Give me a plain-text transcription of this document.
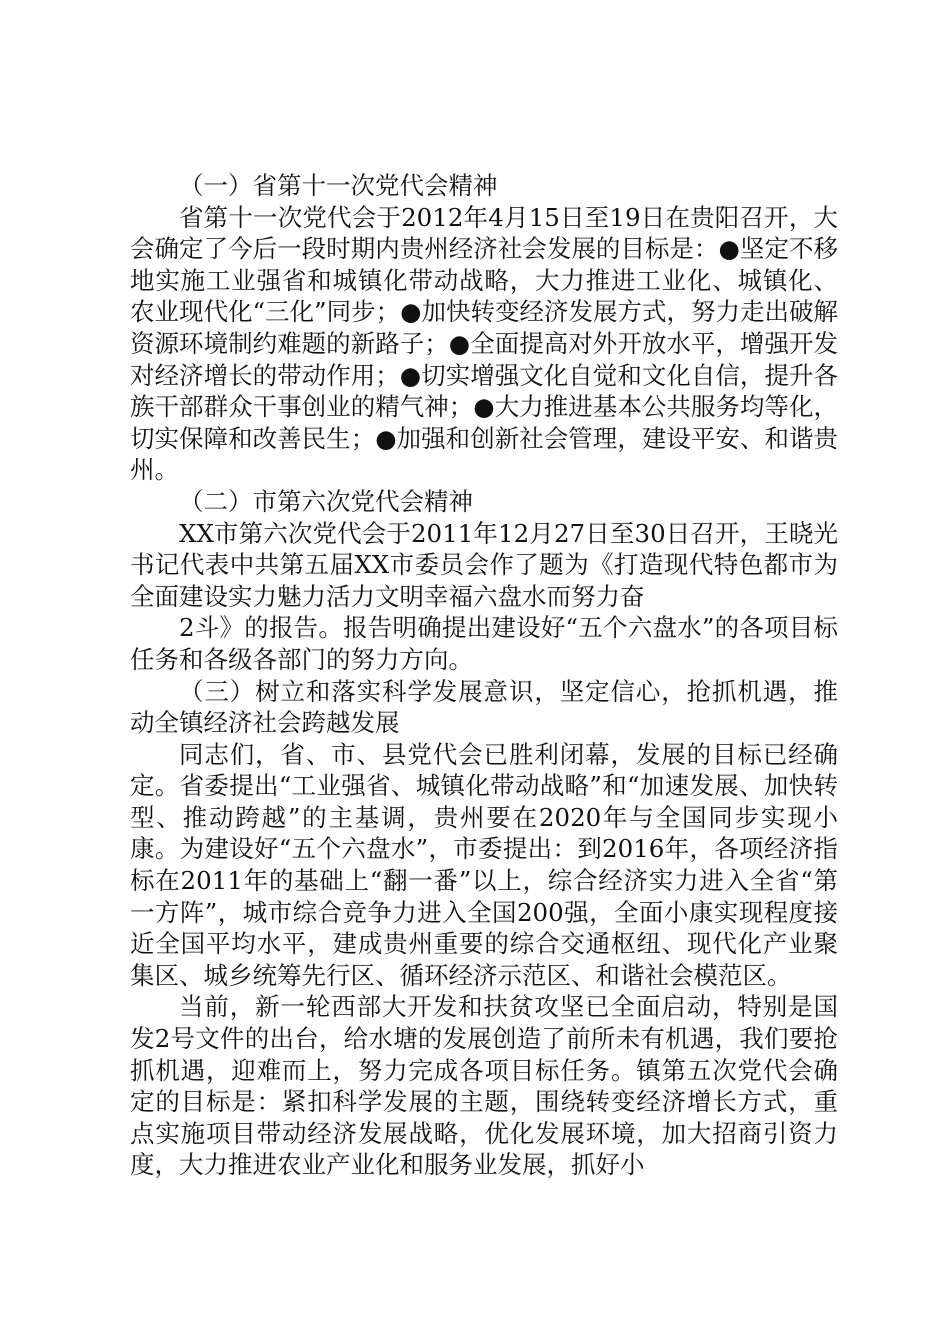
（一）省第十一次党代会精神

省第十一次党代会于2012年4月15日至19日在贵阳召开，大会确定了今后一段时期内贵州经济社会发展的目标是：●坚定不移地实施工业强省和城镇化带动战略，大力推进工业化、城镇化、农业现代化“三化”同步；●加快转变经济发展方式，努力走出破解资源环境制约难题的新路子；●全面提高对外开放水平，增强开发对经济增长的带动作用；●切实增强文化自觉和文化自信，提升各族干部群众干事创业的精气神；●大力推进基本公共服务均等化，切实保障和改善民生；●加强和创新社会管理，建设平安、和谐贵州。

（二）市第六次党代会精神

XX市第六次党代会于2011年12月27日至30日召开，王晓光书记代表中共第五届XX市委员会作了题为《打造现代特色都市为全面建设实力魅力活力文明幸福六盘水而努力奋

2斗》的报告。报告明确提出建设好“五个六盘水”的各项目标任务和各级各部门的努力方向。

（三）树立和落实科学发展意识，坚定信心，抢抓机遇，推动全镇经济社会跨越发展

同志们，省、市、县党代会已胜利闭幕，发展的目标已经确定。省委提出“工业强省、城镇化带动战略”和“加速发展、加快转型、推动跨越”的主基调，贵州要在2020年与全国同步实现小康。为建设好“五个六盘水”，市委提出：到2016年，各项经济指标在2011年的基础上“翻一番”以上，综合经济实力进入全省“第一方阵”，城市综合竞争力进入全国200强，全面小康实现程度接近全国平均水平，建成贵州重要的综合交通枢纽、现代化产业聚集区、城乡统筹先行区、循环经济示范区、和谐社会模范区。

当前，新一轮西部大开发和扶贫攻坚已全面启动，特别是国发2号文件的出台，给水塘的发展创造了前所未有机遇，我们要抢抓机遇，迎难而上，努力完成各项目标任务。镇第五次党代会确定的目标是：紧扣科学发展的主题，围绕转变经济增长方式，重点实施项目带动经济发展战略，优化发展环境，加大招商引资力度，大力推进农业产业化和服务业发展，抓好小
